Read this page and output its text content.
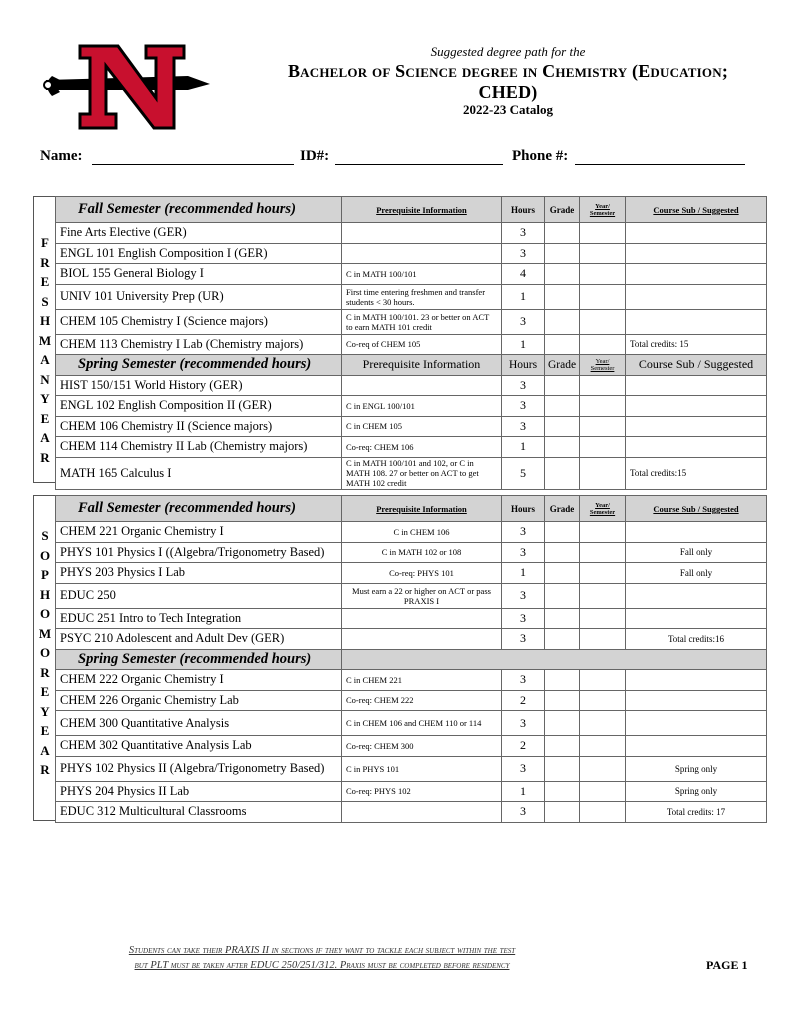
Suggested degree path for the
Bachelor of Science degree in Chemistry (Education;
CHED)
2022-23 Catalog
Name:	ID#:	Phone #:
F
R
E
S
H
M
A
N
Y
E
A
R
Fall Semester (recommended hours)	Prerequisite Information	Hours	Grade	Year/ Semester	Course Sub / Suggested
Fine Arts Elective (GER)		3			
ENGL 101 English Composition I (GER)		3			
BIOL 155 General Biology I	C in MATH 100/101	4			
UNIV 101 University Prep (UR)	First time entering freshmen and transfer students < 30 hours.	1			
CHEM 105 Chemistry I (Science majors)	C in MATH 100/101. 23 or better on ACT to earn MATH 101 credit	3			
CHEM 113 Chemistry I Lab (Chemistry majors)	Co-req of CHEM 105	1			Total credits: 15
Spring Semester (recommended hours)	Prerequisite Information	Hours	Grade	Year/ Semester	Course Sub / Suggested
HIST 150/151 World History (GER)		3			
ENGL 102 English Composition II (GER)	C in ENGL 100/101	3			
CHEM 106 Chemistry II (Science majors)	C in CHEM 105	3			
CHEM 114 Chemistry II Lab (Chemistry majors)	Co-req: CHEM 106	1			
MATH 165 Calculus I	C in MATH 100/101 and 102, or C in MATH 108. 27 or better on ACT to get MATH 102 credit	5			Total credits:15
S
O
P
H
O
M
O
R
E
Y
E
A
R
Fall Semester (recommended hours)	Prerequisite Information	Hours	Grade	Year/ Semester	Course Sub / Suggested
CHEM 221 Organic Chemistry I	C in CHEM 106	3			
PHYS 101 Physics I ((Algebra/Trigonometry Based)	C in MATH 102 or 108	3			Fall only
PHYS 203 Physics I Lab	Co-req: PHYS 101	1			Fall only
EDUC 250	Must earn a 22 or higher on ACT or pass PRAXIS I	3			
EDUC 251 Intro to Tech Integration		3			
PSYC 210 Adolescent and Adult Dev (GER)		3			Total credits:16
Spring Semester (recommended hours)					
CHEM 222 Organic Chemistry I	C in CHEM 221	3			
CHEM 226 Organic Chemistry Lab	Co-req: CHEM 222	2			
CHEM 300 Quantitative Analysis	C in CHEM 106 and CHEM 110 or 114	3			
CHEM 302 Quantitative Analysis Lab	Co-req: CHEM 300	2			
PHYS 102 Physics II (Algebra/Trigonometry Based)	C in PHYS 101	3			Spring only
PHYS 204 Physics II Lab	Co-req: PHYS 102	1			Spring only
EDUC 312 Multicultural Classrooms		3			Total credits: 17
Students can take their PRAXIS II in sections if they want to tackle each subject within the test
but PLT must be taken after EDUC 250/251/312. Praxis must be completed before residency	PAGE 1
